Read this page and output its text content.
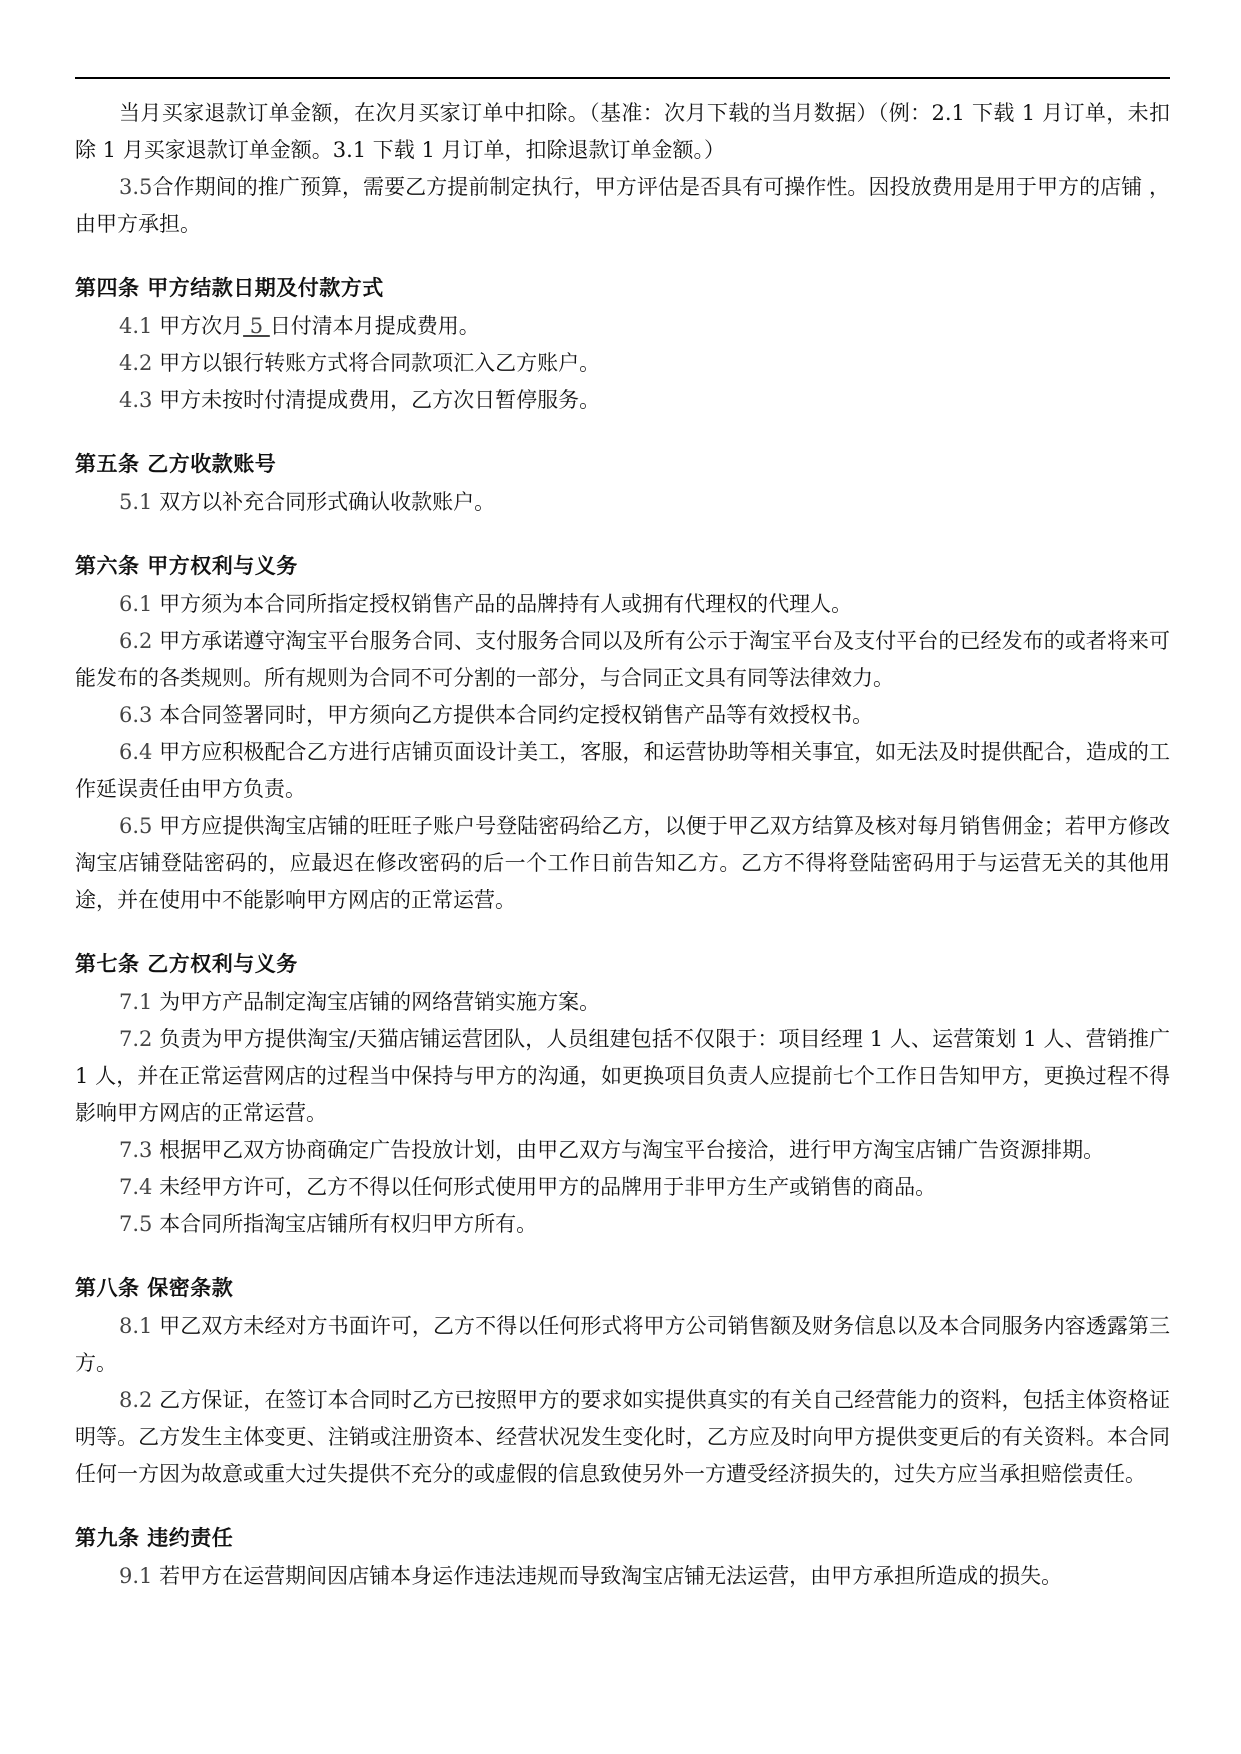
当月买家退款订单金额，在次月买家订单中扣除。（基准：次月下载的当月数据）（例：2.1 下载 1 月订单，未扣除 1 月买家退款订单金额。3.1 下载 1 月订单，扣除退款订单金额。）

3.5合作期间的推广预算，需要乙方提前制定执行，甲方评估是否具有可操作性。因投放费用是用于甲方的店铺 ，由甲方承担。

第四条 甲方结款日期及付款方式

4.1 甲方次月 5 日付清本月提成费用。

4.2 甲方以银行转账方式将合同款项汇入乙方账户。

4.3 甲方未按时付清提成费用，乙方次日暂停服务。

第五条 乙方收款账号

5.1 双方以补充合同形式确认收款账户。

第六条 甲方权利与义务

6.1 甲方须为本合同所指定授权销售产品的品牌持有人或拥有代理权的代理人。

6.2 甲方承诺遵守淘宝平台服务合同、支付服务合同以及所有公示于淘宝平台及支付平台的已经发布的或者将来可能发布的各类规则。所有规则为合同不可分割的一部分，与合同正文具有同等法律效力。

6.3 本合同签署同时，甲方须向乙方提供本合同约定授权销售产品等有效授权书。

6.4 甲方应积极配合乙方进行店铺页面设计美工，客服，和运营协助等相关事宜，如无法及时提供配合，造成的工作延误责任由甲方负责。

6.5 甲方应提供淘宝店铺的旺旺子账户号登陆密码给乙方，以便于甲乙双方结算及核对每月销售佣金；若甲方修改淘宝店铺登陆密码的，应最迟在修改密码的后一个工作日前告知乙方。乙方不得将登陆密码用于与运营无关的其他用途，并在使用中不能影响甲方网店的正常运营。

第七条 乙方权利与义务

7.1 为甲方产品制定淘宝店铺的网络营销实施方案。

7.2 负责为甲方提供淘宝/天猫店铺运营团队，人员组建包括不仅限于：项目经理 1 人、运营策划 1 人、营销推广 1 人，并在正常运营网店的过程当中保持与甲方的沟通，如更换项目负责人应提前七个工作日告知甲方，更换过程不得影响甲方网店的正常运营。

7.3 根据甲乙双方协商确定广告投放计划，由甲乙双方与淘宝平台接洽，进行甲方淘宝店铺广告资源排期。

7.4 未经甲方许可，乙方不得以任何形式使用甲方的品牌用于非甲方生产或销售的商品。

7.5 本合同所指淘宝店铺所有权归甲方所有。

第八条 保密条款

8.1 甲乙双方未经对方书面许可，乙方不得以任何形式将甲方公司销售额及财务信息以及本合同服务内容透露第三方。

8.2 乙方保证，在签订本合同时乙方已按照甲方的要求如实提供真实的有关自己经营能力的资料，包括主体资格证明等。乙方发生主体变更、注销或注册资本、经营状况发生变化时，乙方应及时向甲方提供变更后的有关资料。本合同任何一方因为故意或重大过失提供不充分的或虚假的信息致使另外一方遭受经济损失的，过失方应当承担赔偿责任。

第九条 违约责任

9.1 若甲方在运营期间因店铺本身运作违法违规而导致淘宝店铺无法运营，由甲方承担所造成的损失。
